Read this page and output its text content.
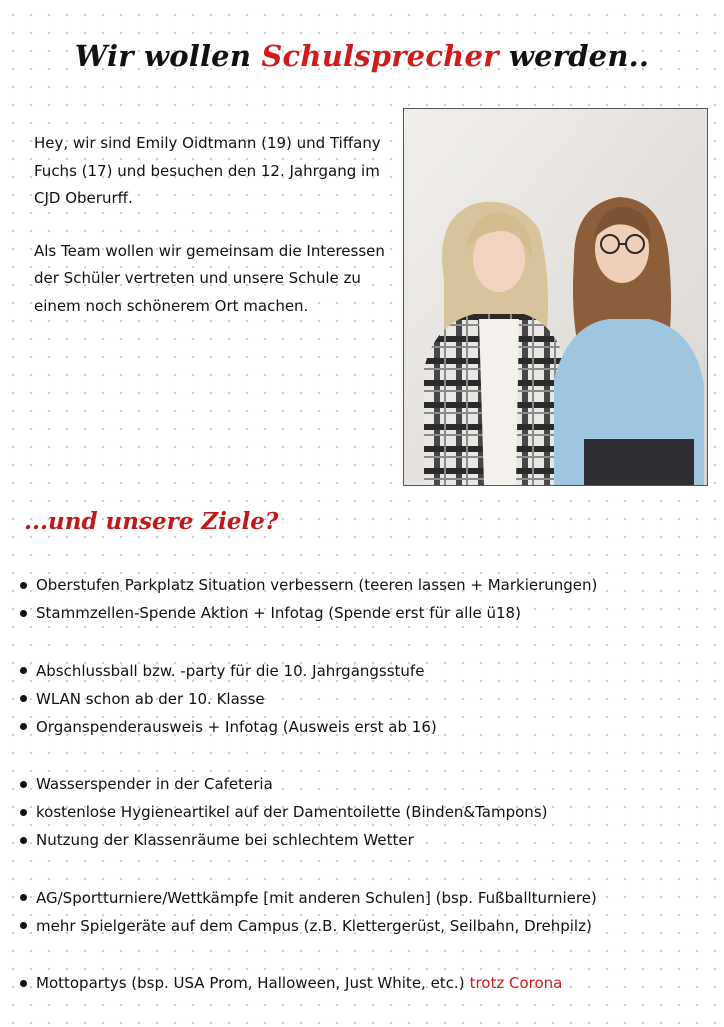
Wir wollen Schulsprecher werden..

Hey, wir sind Emily Oidtmann (19) und Tiffany Fuchs (17) und besuchen den 12. Jahrgang im CJD Oberurff.

Als Team wollen wir gemeinsam die Interessen der Schüler vertreten und unsere Schule zu einem noch schönerem Ort machen.

...und unsere Ziele?
Oberstufen Parkplatz Situation verbessern (teeren lassen + Markierungen)
Stammzellen-Spende Aktion + Infotag (Spende erst für alle ü18)
Abschlussball bzw. -party für die 10. Jahrgangsstufe
WLAN schon ab der 10. Klasse
Organspenderausweis + Infotag (Ausweis erst ab 16)
Wasserspender in der Cafeteria
kostenlose Hygieneartikel auf der Damentoilette (Binden&Tampons)
Nutzung der Klassenräume bei schlechtem Wetter
AG/Sportturniere/Wettkämpfe [mit anderen Schulen] (bsp. Fußballturniere)
mehr Spielgeräte auf dem Campus (z.B. Klettergerüst, Seilbahn, Drehpilz)
Mottopartys (bsp. USA Prom, Halloween, Just White, etc.) trotz Corona
